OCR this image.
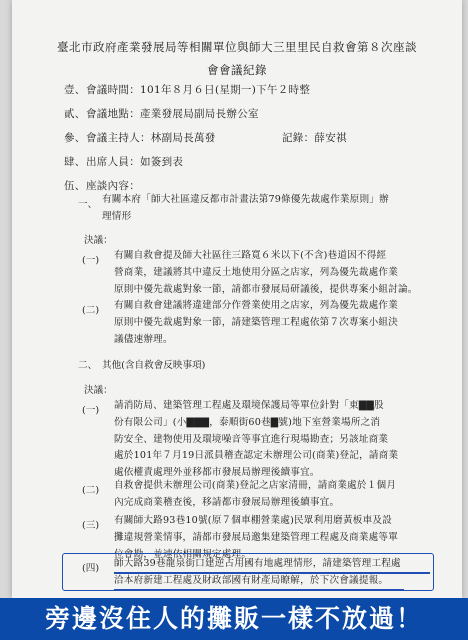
臺北市政府產業發展局等相關單位與師大三里里民自救會第８次座談
會會議紀錄
壹、會議時間：101年８月６日(星期一)下午２時整
貳、會議地點：產業發展局副局長辦公室
參、會議主持人：林副局長萬發	記錄：薛安祺
肆、出席人員：如簽到表
伍、座談內容：
一、 有關本府「師大社區違反都市計畫法第79條優先裁處作業原則」辦
理情形
決議：
(一) 有關自救會提及師大社區往三路寬６米以下(不含)巷道因不得經
營商業，建議將其中違反土地使用分區之店家，列為優先裁處作業
原則中優先裁處對象一節，請都市發展局研議後，提供專案小組討論。
(二) 有關自救會建議將違建部分作營業使用之店家，列為優先裁處作業
原則中優先裁處對象一節，請建築管理工程處依第７次專案小組決
議儘速辦理。
二、 其他(含自救會反映事項)
決議：
(一) 請消防局、建築管理工程處及環境保護局等單位針對「東▇▇股
份有限公司」(小▇▇▇，泰順街60巷▇號)地下室營業場所之消
防安全、建物使用及環境噪音等事宜進行現場勘查；另該址商業
處於101年７月19日派員稽查認定未辦理公司(商業)登記，請商業
處依權責處理外並移都市發展局辦理後續事宜。
(二) 自救會提供未辦理公司(商業)登記之店家清冊，請商業處於１個月
內完成商業稽查後，移請都市發展局辦理後續事宜。
(三) 有關師大路93巷10號(原７個車棚營業處)民眾利用磨黃板車及設
攤違規營業情事，請都市發展局邀集建築管理工程處及商業處等單
位會勘，並速依相關規定處理。
(四) 師大路39巷龍泉街口建逆占用國有地處理情形，請建築管理工程處
洽本府新建工程處及財政部國有財產局瞭解，於下次會議提報。
旁邊沒住人的攤販一樣不放過！
